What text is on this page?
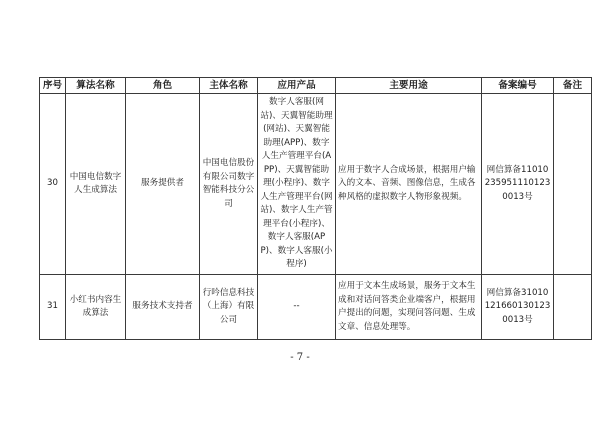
序号	算法名称	角色	主体名称	应用产品	主要用途	备案编号	备注
30	中国电信数字人生成算法	服务提供者	中国电信股份有限公司数字智能科技分公司	数字人客服(网站)、天翼智能助理(网站)、天翼智能助理(APP)、数字人生产管理平台(APP)、天翼智能助理(小程序)、数字人生产管理平台(网站)、数字人生产管理平台(小程序)、数字人客服(APP)、数字人客服(小程序)	应用于数字人合成场景，根据用户输入的文本、音频、图像信息，生成各种风格的虚拟数字人物形象视频。	网信算备110102359511101230013号	
31	小红书内容生成算法	服务技术支持者	行吟信息科技（上海）有限公司	--	应用于文本生成场景，服务于文本生成和对话问答类企业端客户，根据用户提出的问题，实现问答问题、生成文章、信息处理等。	网信算备310101216601301230013号	
- 7 -
